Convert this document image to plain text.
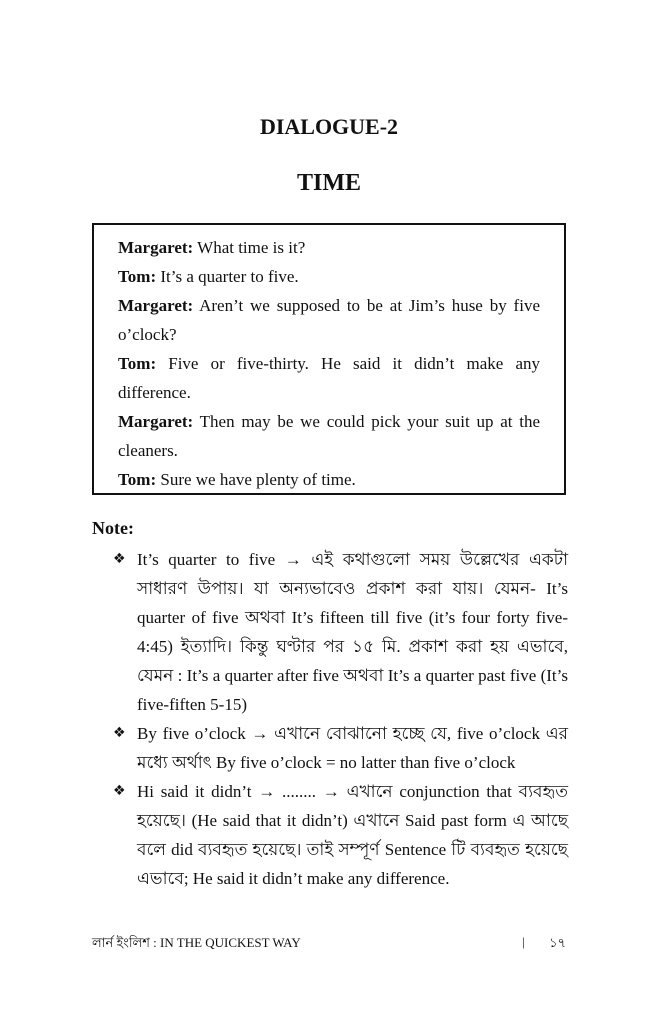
DIALOGUE-2
TIME

Margaret: What time is it?

Tom: It’s a quarter to five.

Margaret: Aren’t we supposed to be at Jim’s huse by five o’clock?

Tom: Five or five-thirty. He said it didn’t make any difference.

Margaret: Then may be we could pick your suit up at the cleaners.

Tom: Sure we have plenty of time.

Note:

❖ It’s quarter to five → এই কথাগুলো সময় উল্লেখের একটা সাধারণ উপায়। যা অন্যভাবেও প্রকাশ করা যায়। যেমন- It’s quarter of five অথবা It’s fifteen till five (it’s four forty five- 4:45) ইত্যাদি। কিন্তু ঘণ্টার পর ১৫ মি. প্রকাশ করা হয় এভাবে, যেমন : It’s a quarter after five অথবা It’s a quarter past five (It’s five-fiften 5-15)
❖ By five o’clock → এখানে বোঝানো হচ্ছে যে, five o’clock এর মধ্যে অর্থাৎ By five o’clock = no latter than five o’clock
❖ Hi said it didn’t → ........ → এখানে conjunction that ব্যবহৃত হয়েছে। (He said that it didn’t) এখানে Said past form এ আছে বলে did ব্যবহৃত হয়েছে। তাই সম্পূর্ণ Sentence টি ব্যবহৃত হয়েছে এভাবে; He said it didn’t make any difference.
লার্ন ইংলিশ : IN THE QUICKEST WAY	| ১৭
